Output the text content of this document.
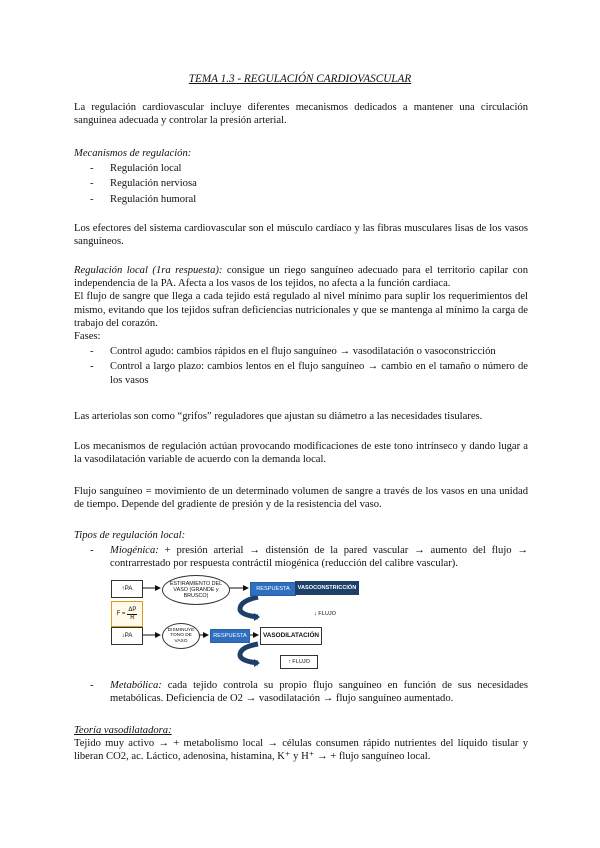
TEMA 1.3 - REGULACIÓN CARDIOVASCULAR

La regulación cardiovascular incluye diferentes mecanismos dedicados a mantener una circulación sanguínea adecuada y controlar la presión arterial.

Mecanismos de regulación:

- Regulación local
- Regulación nerviosa
- Regulación humoral

Los efectores del sistema cardiovascular son el músculo cardíaco y las fibras musculares lisas de los vasos sanguíneos.

Regulación local (1ra respuesta): consigue un riego sanguíneo adecuado para el territorio capilar con independencia de la PA. Afecta a los vasos de los tejidos, no afecta a la función cardiaca.

El flujo de sangre que llega a cada tejido está regulado al nivel mínimo para suplir los requerimientos del mismo, evitando que los tejidos sufran deficiencias nutricionales y que se mantenga al mínimo la carga de trabajo del corazón.

Fases:

- Control agudo: cambios rápidos en el flujo sanguíneo → vasodilatación o vasoconstricción
- Control a largo plazo: cambios lentos en el flujo sanguíneo → cambio en el tamaño o número de los vasos

Las arteriolas son como “grifos” reguladores que ajustan su diámetro a las necesidades tisulares.

Los mecanismos de regulación actúan provocando modificaciones de este tono intrínseco y dando lugar a la vasodilatación variable de acuerdo con la demanda local.

Flujo sanguíneo = movimiento de un determinado volumen de sangre a través de los vasos en una unidad de tiempo. Depende del gradiente de presión y de la resistencia del vaso.

Tipos de regulación local:

- Miogénica: + presión arterial → distensión de la pared vascular → aumento del flujo → contrarrestado por respuesta contráctil miogénica (reducción del calibre vascular).
↑PA
ESTIRAMIENTO DEL VASO (GRANDE y BRUSCO)
RESPUESTA	VASOCONSTRICCIÓN
↓ FLUJO
$F = \frac{\Delta P}{R}$
↓PA
DISMINUYE TONO DE VASO
RESPUESTA	VASODILATACIÓN
↑ FLUJO
- Metabólica: cada tejido controla su propio flujo sanguíneo en función de sus necesidades metabólicas. Deficiencia de O2 → vasodilatación → flujo sanguíneo aumentado.

Teoría vasodilatadora:

Tejido muy activo → + metabolismo local → células consumen rápido nutrientes del líquido tisular y liberan CO2, ac. Láctico, adenosina, histamina, K⁺ y H⁺ → + flujo sanguíneo local.
